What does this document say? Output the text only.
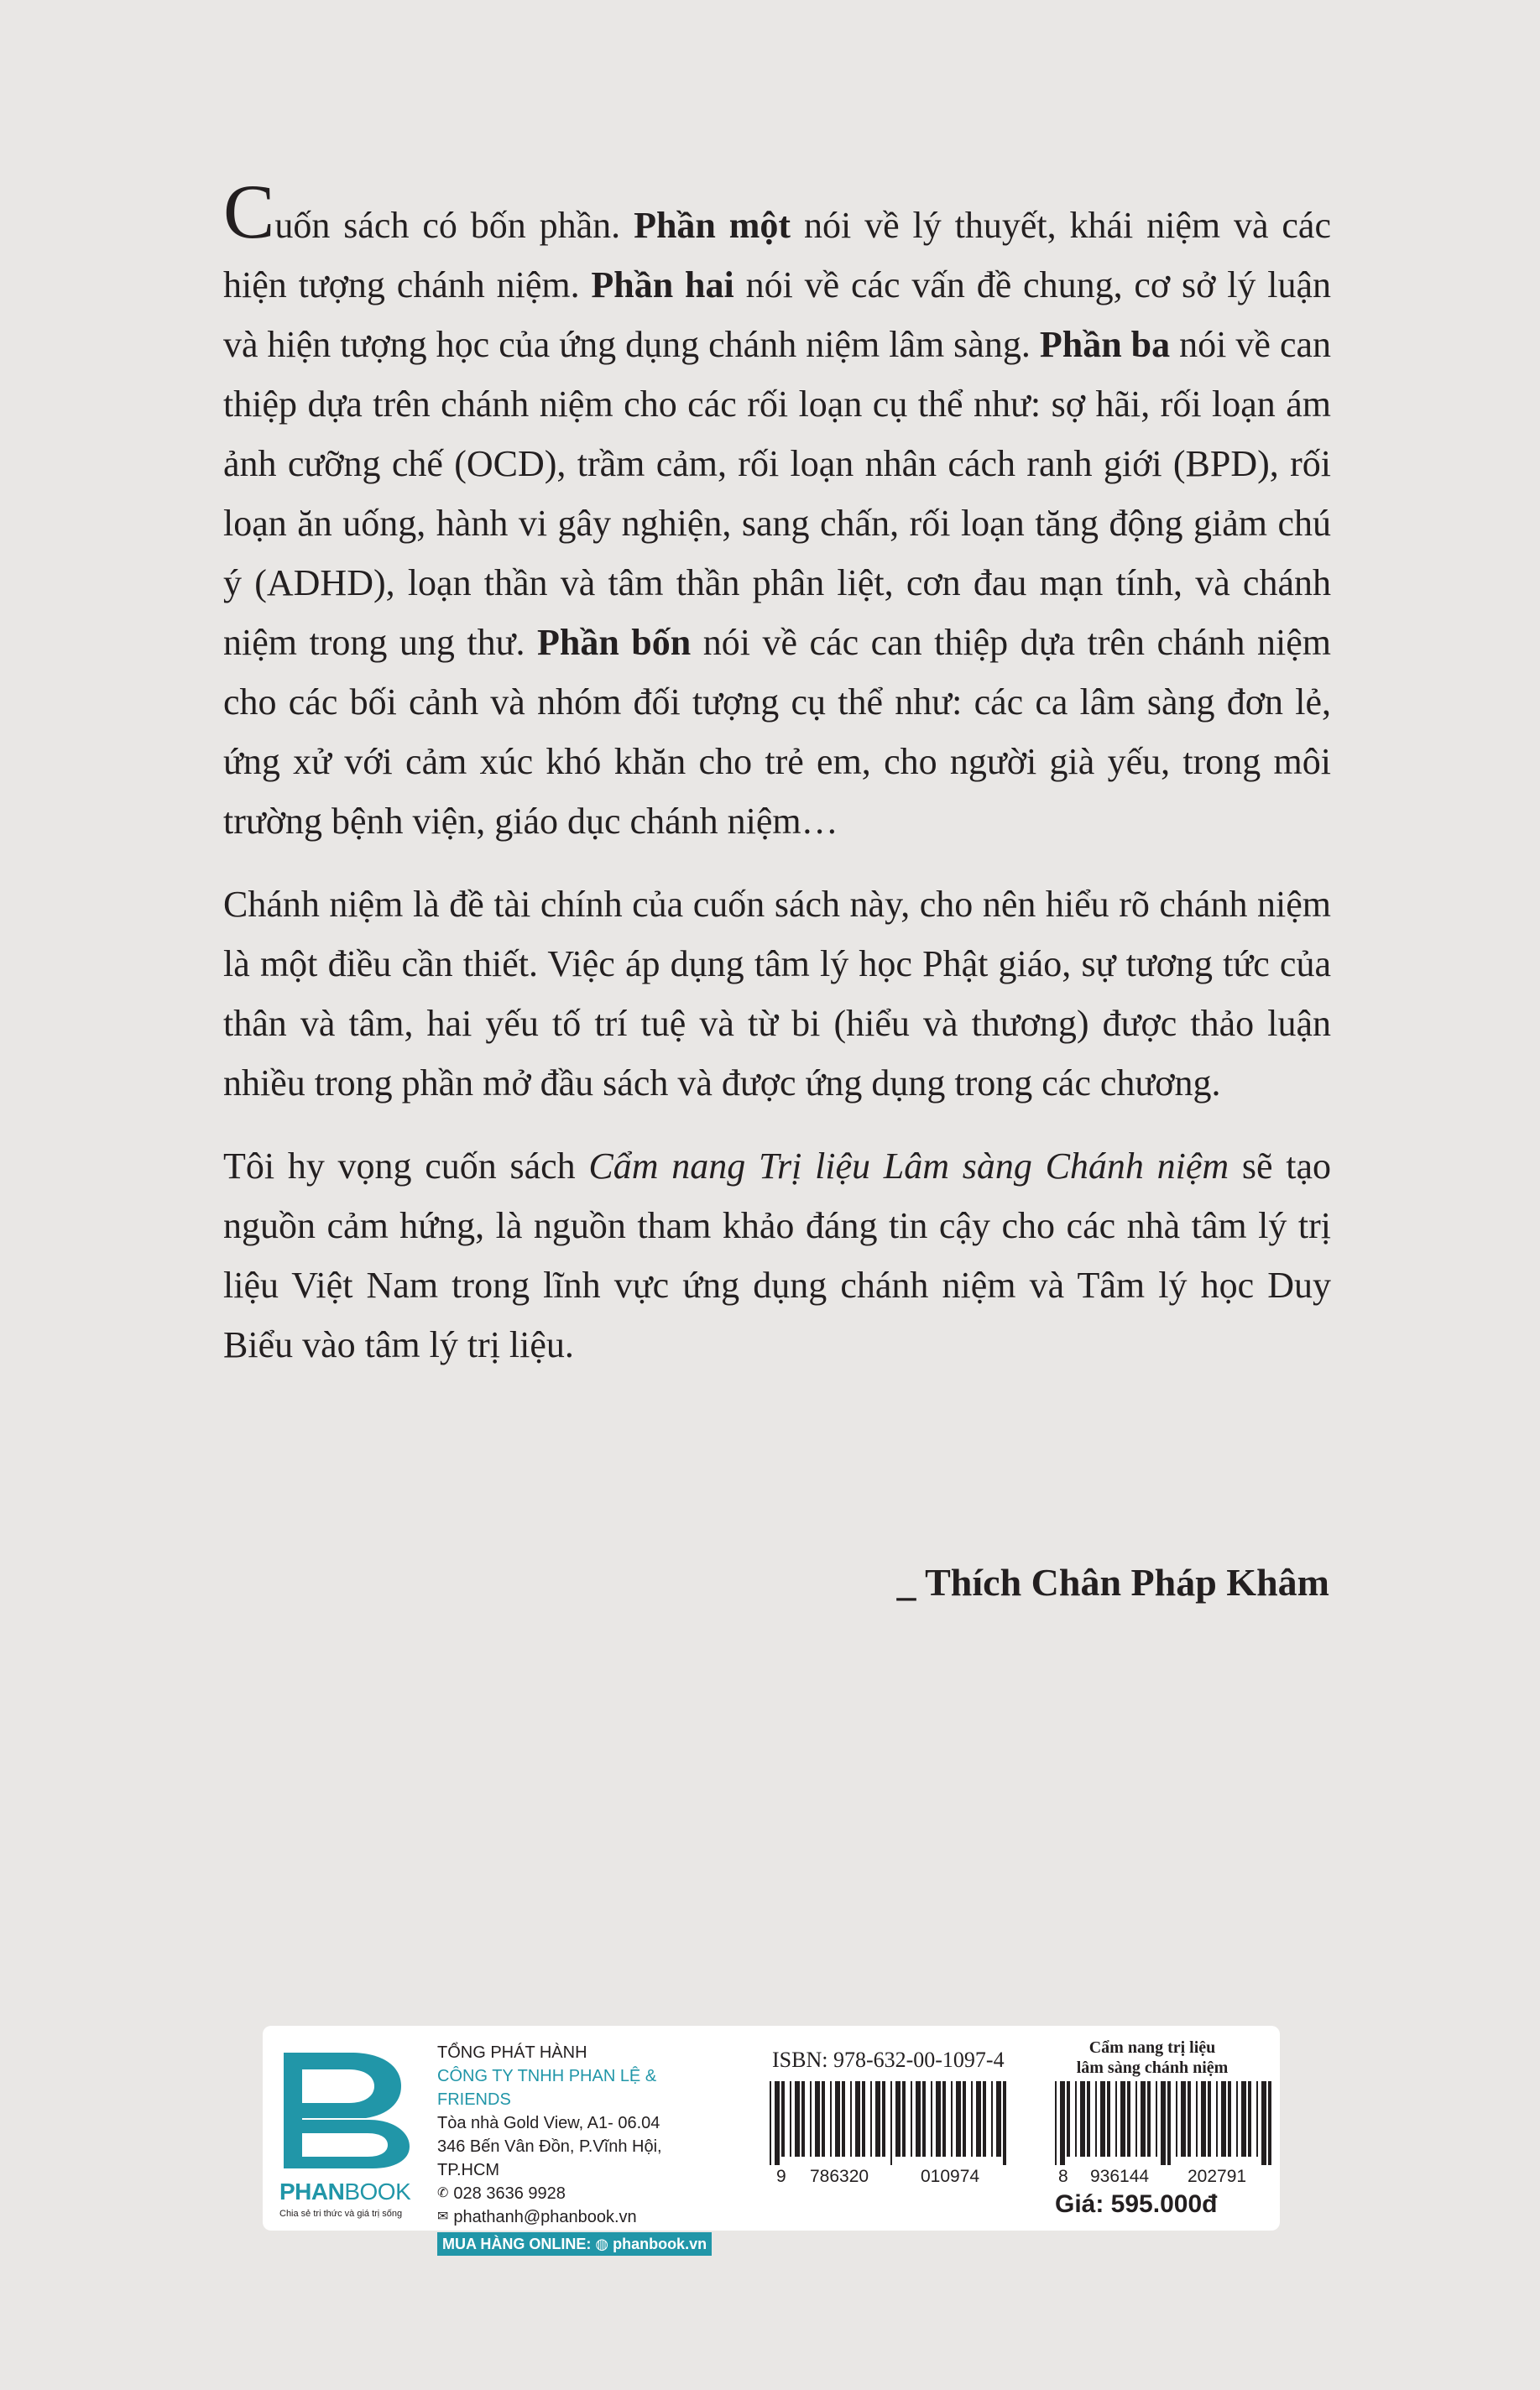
Cuốn sách có bốn phần. Phần một nói về lý thuyết, khái niệm và các hiện tượng chánh niệm. Phần hai nói về các vấn đề chung, cơ sở lý luận và hiện tượng học của ứng dụng chánh niệm lâm sàng. Phần ba nói về can thiệp dựa trên chánh niệm cho các rối loạn cụ thể như: sợ hãi, rối loạn ám ảnh cưỡng chế (OCD), trầm cảm, rối loạn nhân cách ranh giới (BPD), rối loạn ăn uống, hành vi gây nghiện, sang chấn, rối loạn tăng động giảm chú ý (ADHD), loạn thần và tâm thần phân liệt, cơn đau mạn tính, và chánh niệm trong ung thư. Phần bốn nói về các can thiệp dựa trên chánh niệm cho các bối cảnh và nhóm đối tượng cụ thể như: các ca lâm sàng đơn lẻ, ứng xử với cảm xúc khó khăn cho trẻ em, cho người già yếu, trong môi trường bệnh viện, giáo dục chánh niệm…

Chánh niệm là đề tài chính của cuốn sách này, cho nên hiểu rõ chánh niệm là một điều cần thiết. Việc áp dụng tâm lý học Phật giáo, sự tương tức của thân và tâm, hai yếu tố trí tuệ và từ bi (hiểu và thương) được thảo luận nhiều trong phần mở đầu sách và được ứng dụng trong các chương.

Tôi hy vọng cuốn sách Cẩm nang Trị liệu Lâm sàng Chánh niệm sẽ tạo nguồn cảm hứng, là nguồn tham khảo đáng tin cậy cho các nhà tâm lý trị liệu Việt Nam trong lĩnh vực ứng dụng chánh niệm và Tâm lý học Duy Biểu vào tâm lý trị liệu.

_ Thích Chân Pháp Khâm
PHANBOOK
Chia sẻ tri thức và giá trị sống
TỔNG PHÁT HÀNH
CÔNG TY TNHH PHAN LỆ & FRIENDS
Tòa nhà Gold View, A1- 06.04
346 Bến Vân Đồn, P.Vĩnh Hội, TP.HCM
✆ 028 3636 9928
✉ phathanh@phanbook.vn
MUA HÀNG ONLINE: ◍ phanbook.vn
ISBN: 978-632-00-1097-4	Cẩm nang trị liệu
lâm sàng chánh niệm
9 786320	010974	8 936144 202791
Giá: 595.000đ
